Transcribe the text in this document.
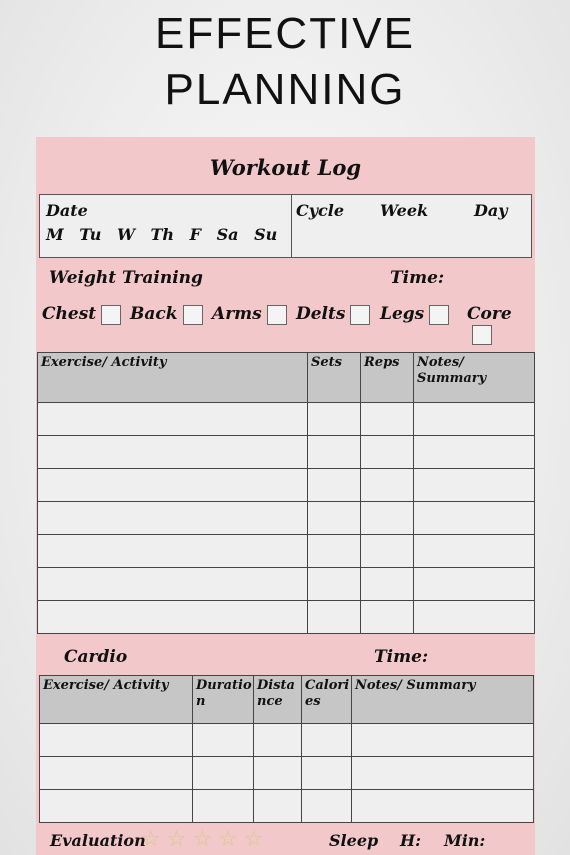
EFFECTIVE
PLANNING
Workout Log
Date
M Tu W Th F Sa Su
Cycle Week	Day
Weight Training	Time:
Chest	Back	Arms	Delts	Legs	Core
Exercise/ Activity	Sets	Reps	Notes/ Summary

Cardio	Time:
Exercise/ Activity	Duratio n	Dista nce	Calori es	Notes/ Summary

Evaluation
☆☆☆☆☆	Sleep H: Min:
